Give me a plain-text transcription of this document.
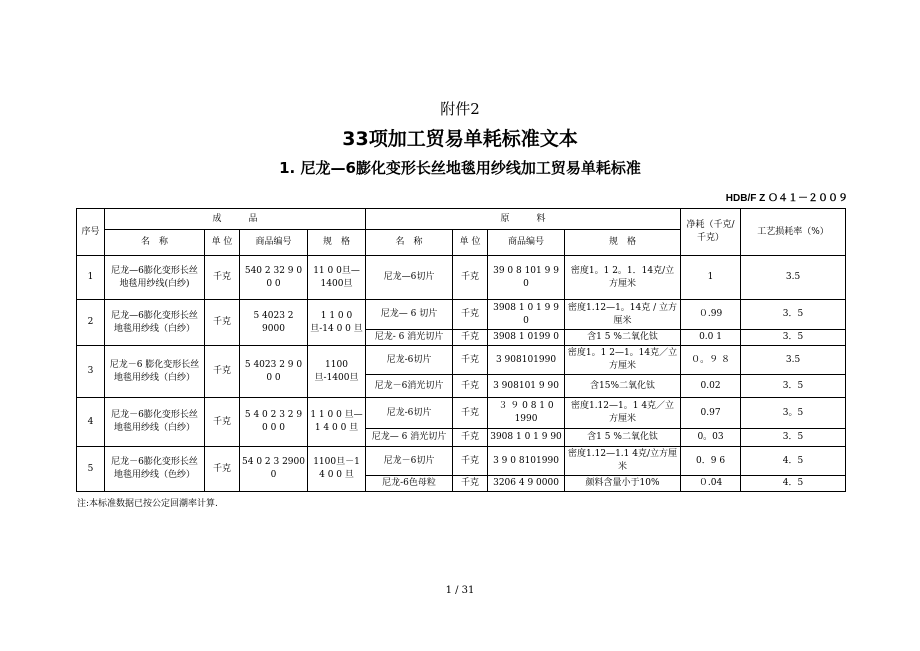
附件2
33项加工贸易单耗标准文本
1. 尼龙—6膨化变形长丝地毯用纱线加工贸易单耗标准
HDB/F Z Ｏ４１－２００９
序号	成　　　品				原　　　料				净耗（千克/千克）	工艺损耗率（%）
	名　称	单 位	商品编号	规　格	名　称	单 位	商品编号	规　格		
1	尼龙—6膨化变形长丝地毯用纱线(白纱)	千克	540 2 32 9 0 0 0	11 0 0旦—1400旦	尼龙—6切片	千克	39 0 8 101 9 9 0	密度1。1 2。1．14克/立方厘米	1	3.5
2	尼龙—6膨化变形长丝地毯用纱线（白纱）	千克	5 4023 2 9000	1 1 0 0旦-14 0 0 旦	尼龙— 6 切片	千克	3908 1 0 1 9 9 0	密度1.12—1。14克 / 立方厘米	０.99	3．5
					尼龙- 6 消光切片	千克	3908 1 0199 0	含1 5 %二氧化钛	0.0 1	3．5
3	尼龙－6 膨化变形长丝地毯用纱线（白纱）	千克	5 4023 2 9 0 0 0	1100旦-1400旦	尼龙-6切片	千克	3 908101990	密度1。1 2—1。14克／立方厘米	０。９ ８	3.5
					尼龙－6消光切片	千克	3 908101 9 90	含15%二氧化钛	0.02	3．5
4	尼龙－6膨化变形长丝地毯用纱线（白纱）	千克	5 4 0 2 3 2 9 0 0 0	1 1 0 0 旦—1 4 0 0 旦	尼龙-6切片	千克	３ ９ 0 8 1 0 1990	密度1.12—1。1 4克／立方厘米	0.97	3。5
					尼龙— 6 消光切片	千克	3908 1 0 1 9 90	含1 5 %二氧化钛	0。03	3．5
5	尼龙－6膨化变形长丝地毯用纱线（色纱）	千克	54 0 2 3 2900 0	1100旦－1 4 0 0 旦	尼龙－6切片	千克	3 9 0 8101990	密度1.12—1.1 4克/立方厘米	0．9 6	4．5
					尼龙-6色母粒	千克	3206 4 9 0000	颜料含量小于10%	０.04	4．5
注:本标准数据已按公定回潮率计算.
1 / 31
